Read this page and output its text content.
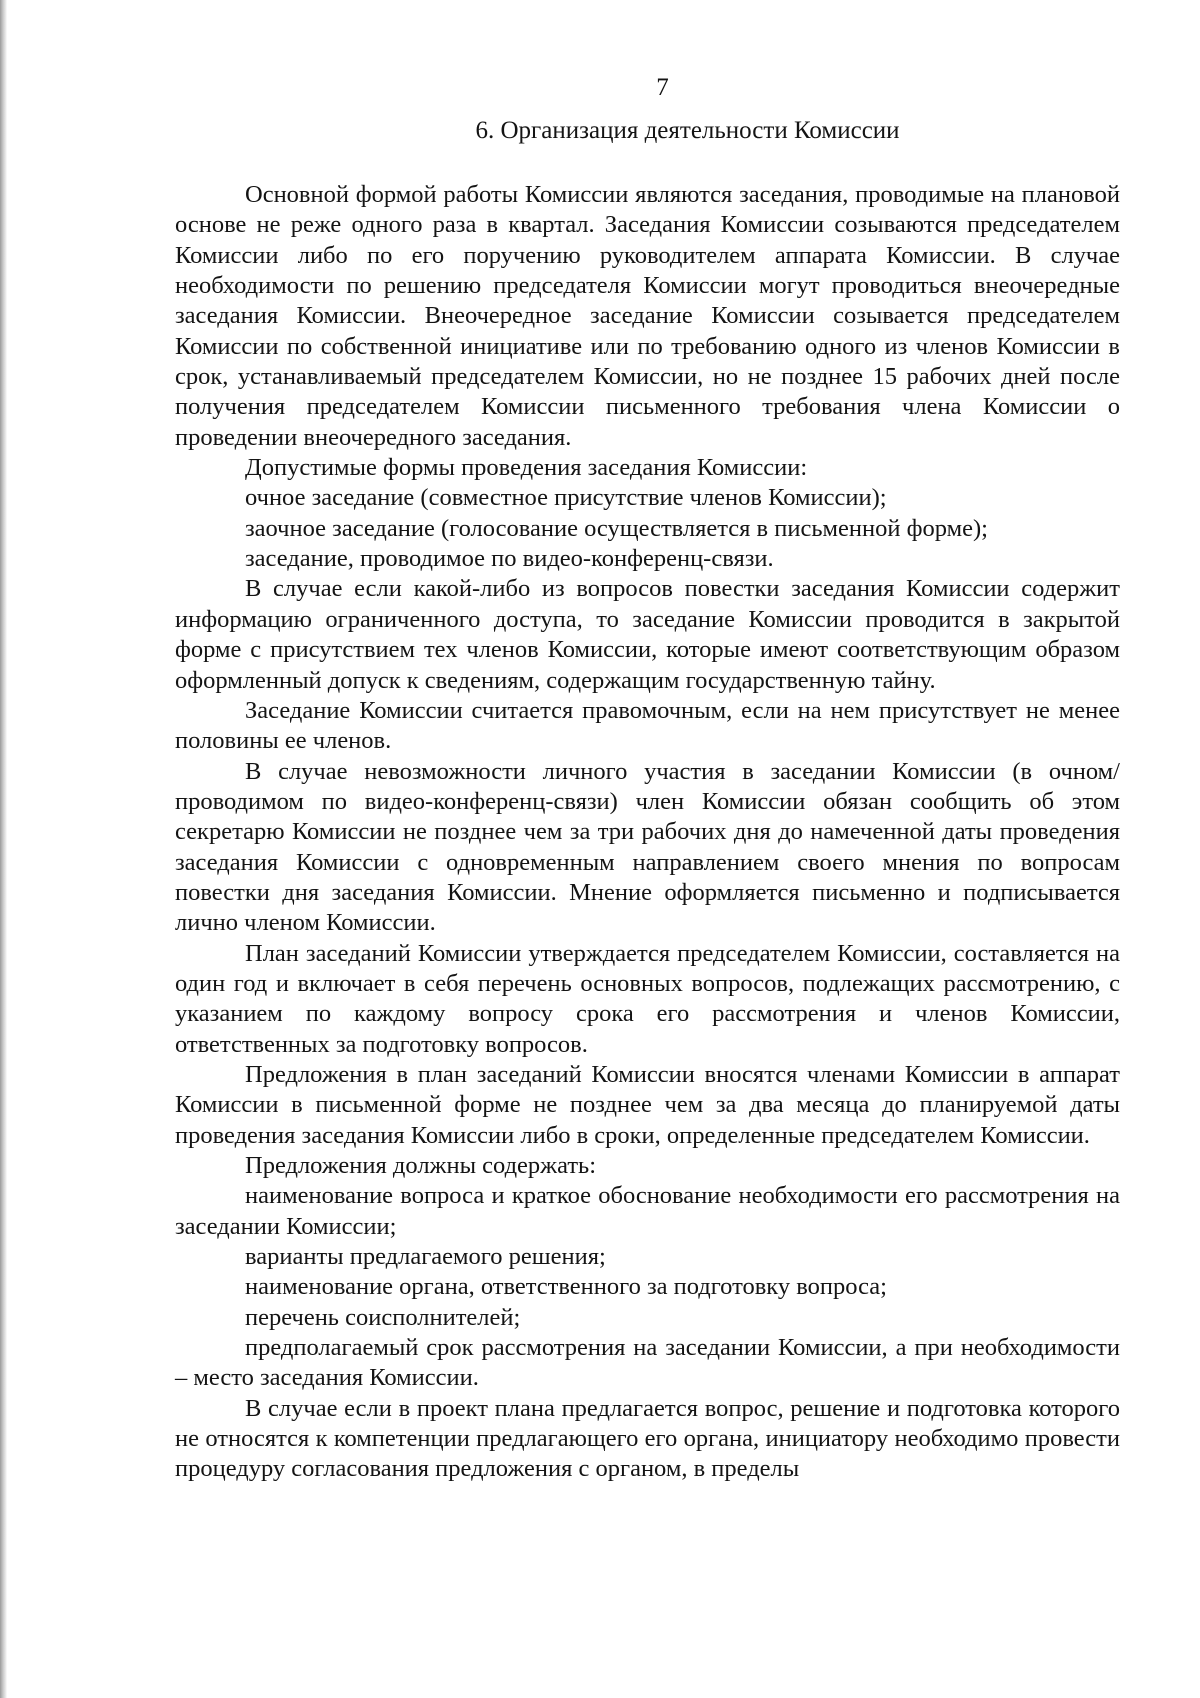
7
6. Организация деятельности Комиссии

Основной формой работы Комиссии являются заседания, проводимые на плановой основе не реже одного раза в квартал. Заседания Комиссии созываются председателем Комиссии либо по его поручению руководителем аппарата Комиссии. В случае необходимости по решению председателя Комиссии могут проводиться внеочередные заседания Комиссии. Внеочередное заседание Комиссии созывается председателем Комиссии по собственной инициативе или по требованию одного из членов Комиссии в срок, устанавливаемый председателем Комиссии, но не позднее 15 рабочих дней после получения председателем Комиссии письменного требования члена Комиссии о проведении внеочередного заседания.

Допустимые формы проведения заседания Комиссии:

очное заседание (совместное присутствие членов Комиссии);

заочное заседание (голосование осуществляется в письменной форме);

заседание, проводимое по видео-конференц-связи.

В случае если какой-либо из вопросов повестки заседания Комиссии содержит информацию ограниченного доступа, то заседание Комиссии проводится в закрытой форме с присутствием тех членов Комиссии, которые имеют соответствующим образом оформленный допуск к сведениям, содержащим государственную тайну.

Заседание Комиссии считается правомочным, если на нем присутствует не менее половины ее членов.

В случае невозможности личного участия в заседании Комиссии (в очном/ проводимом по видео-конференц-связи) член Комиссии обязан сообщить об этом секретарю Комиссии не позднее чем за три рабочих дня до намеченной даты проведения заседания Комиссии с одновременным направлением своего мнения по вопросам повестки дня заседания Комиссии. Мнение оформляется письменно и подписывается лично членом Комиссии.

План заседаний Комиссии утверждается председателем Комиссии, составляется на один год и включает в себя перечень основных вопросов, подлежащих рассмотрению, с указанием по каждому вопросу срока его рассмотрения и членов Комиссии, ответственных за подготовку вопросов.

Предложения в план заседаний Комиссии вносятся членами Комиссии в аппарат Комиссии в письменной форме не позднее чем за два месяца до планируемой даты проведения заседания Комиссии либо в сроки, определенные председателем Комиссии.

Предложения должны содержать:

наименование вопроса и краткое обоснование необходимости его рассмотрения на заседании Комиссии;

варианты предлагаемого решения;

наименование органа, ответственного за подготовку вопроса;

перечень соисполнителей;

предполагаемый срок рассмотрения на заседании Комиссии, а при необходимости – место заседания Комиссии.

В случае если в проект плана предлагается вопрос, решение и подготовка которого не относятся к компетенции предлагающего его органа, инициатору необходимо провести процедуру согласования предложения с органом, в пределы
